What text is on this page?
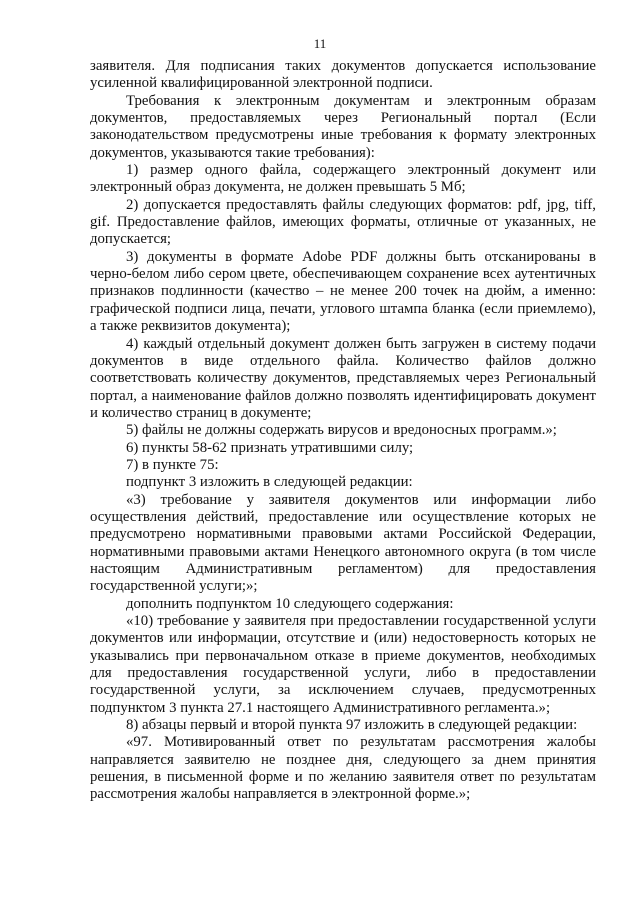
11

заявителя. Для подписания таких документов допускается использование усиленной квалифицированной электронной подписи.

Требования к электронным документам и электронным образам документов, предоставляемых через Региональный портал (Если законодательством предусмотрены иные требования к формату электронных документов, указываются такие требования):

1) размер одного файла, содержащего электронный документ или электронный образ документа, не должен превышать 5 Мб;

2) допускается предоставлять файлы следующих форматов: pdf, jpg, tiff, gif. Предоставление файлов, имеющих форматы, отличные от указанных, не допускается;

3) документы в формате Adobe PDF должны быть отсканированы в черно-белом либо сером цвете, обеспечивающем сохранение всех аутентичных признаков подлинности (качество – не менее 200 точек на дюйм, а именно: графической подписи лица, печати, углового штампа бланка (если приемлемо), а также реквизитов документа);

4) каждый отдельный документ должен быть загружен в систему подачи документов в виде отдельного файла. Количество файлов должно соответствовать количеству документов, представляемых через Региональный портал, а наименование файлов должно позволять идентифицировать документ и количество страниц в документе;

5) файлы не должны содержать вирусов и вредоносных программ.»;

6) пункты 58-62 признать утратившими силу;

7) в пункте 75:

подпункт 3 изложить в следующей редакции:

«3) требование у заявителя документов или информации либо осуществления действий, предоставление или осуществление которых не предусмотрено нормативными правовыми актами Российской Федерации, нормативными правовыми актами Ненецкого автономного округа (в том числе настоящим Административным регламентом) для предоставления государственной услуги;»;

дополнить подпунктом 10 следующего содержания:

«10) требование у заявителя при предоставлении государственной услуги документов или информации, отсутствие и (или) недостоверность которых не указывались при первоначальном отказе в приеме документов, необходимых для предоставления государственной услуги, либо в предоставлении государственной услуги, за исключением случаев, предусмотренных подпунктом 3 пункта 27.1 настоящего Административного регламента.»;

8) абзацы первый и второй пункта 97 изложить в следующей редакции:

«97. Мотивированный ответ по результатам рассмотрения жалобы направляется заявителю не позднее дня, следующего за днем принятия решения, в письменной форме и по желанию заявителя ответ по результатам рассмотрения жалобы направляется в электронной форме.»;
